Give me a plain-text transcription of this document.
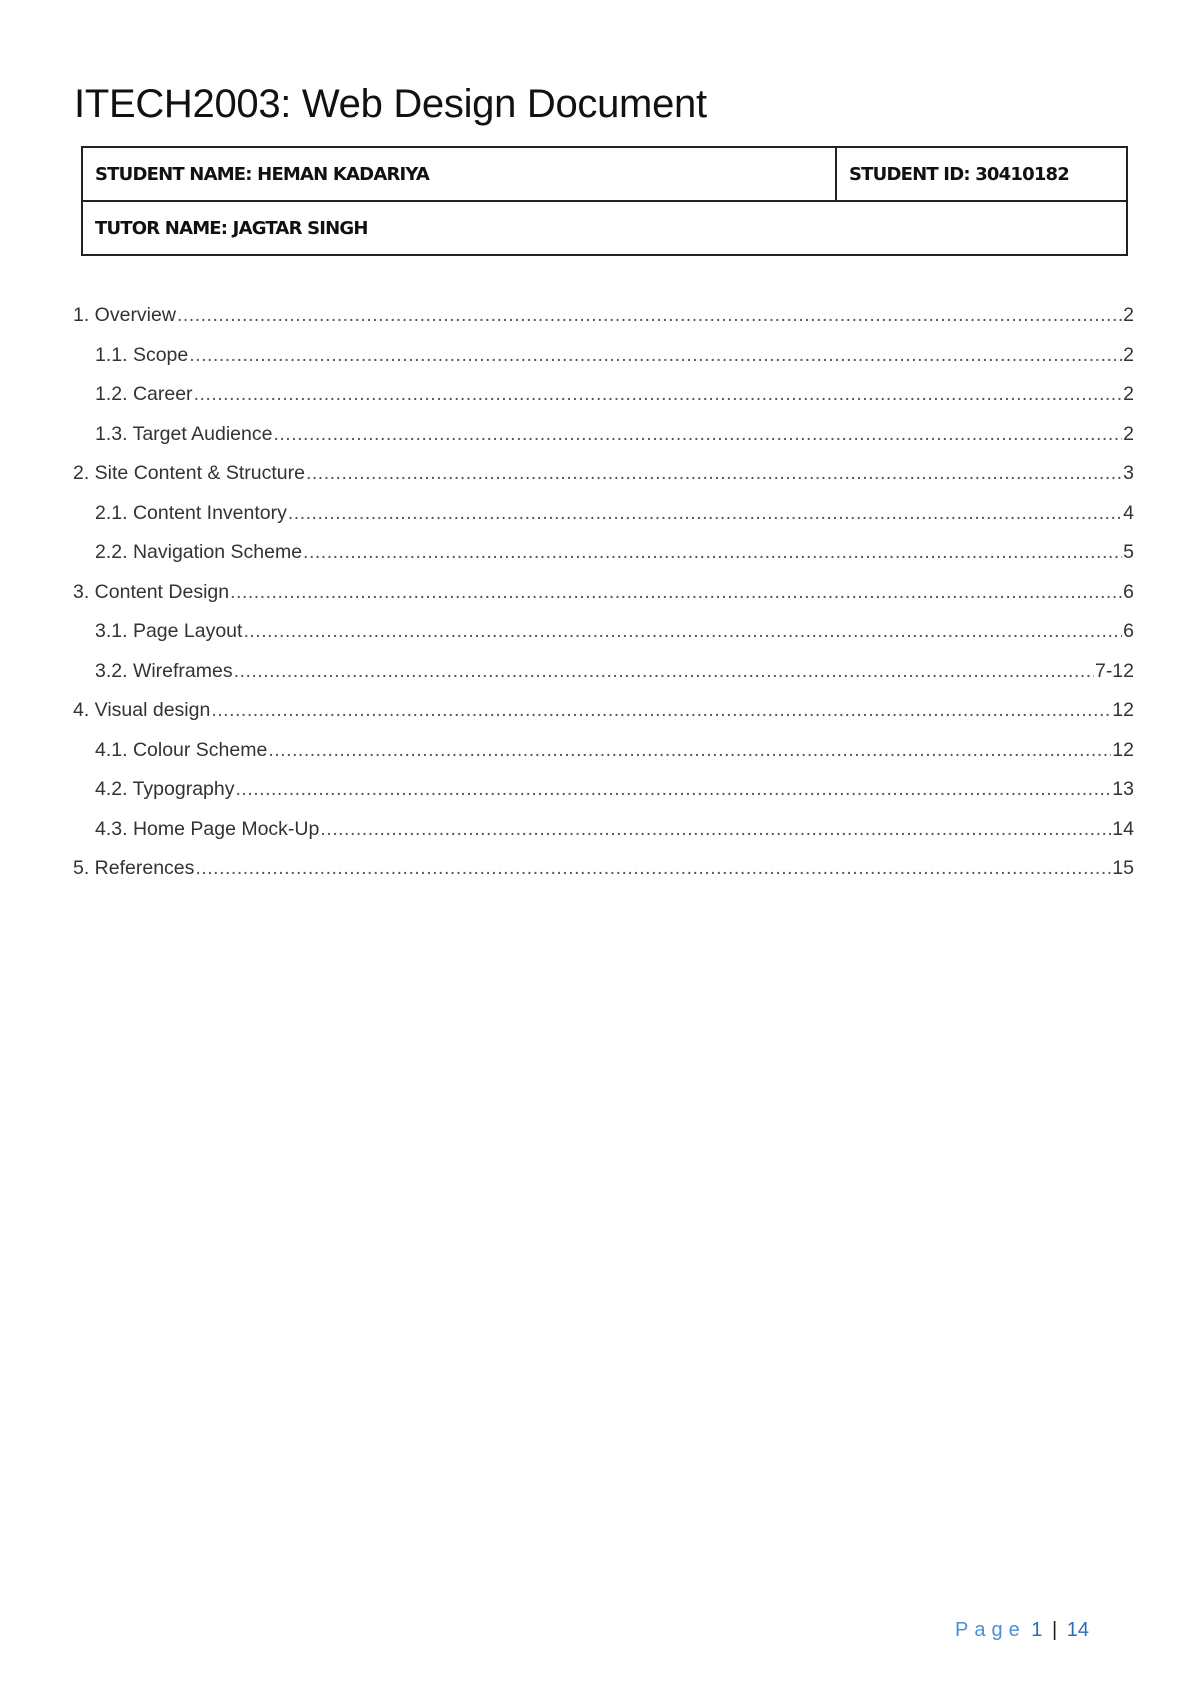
ITECH2003: Web Design Document
STUDENT NAME: HEMAN KADARIYA	STUDENT ID: 30410182
TUTOR NAME: JAGTAR SINGH
1. Overview .....	2
1.1. Scope .....	2
1.2. Career .....	2
1.3. Target Audience .....	2
2. Site Content & Structure .....	3
2.1. Content Inventory .....	4
2.2. Navigation Scheme .....	5
3. Content Design .....	6
3.1. Page Layout .....	6
3.2. Wireframes .....	7-12
4. Visual design .....	12
4.1. Colour Scheme .....	12
4.2. Typography .....	13
4.3. Home Page Mock-Up .....	14
5. References .....	15
Page 1 | 14
